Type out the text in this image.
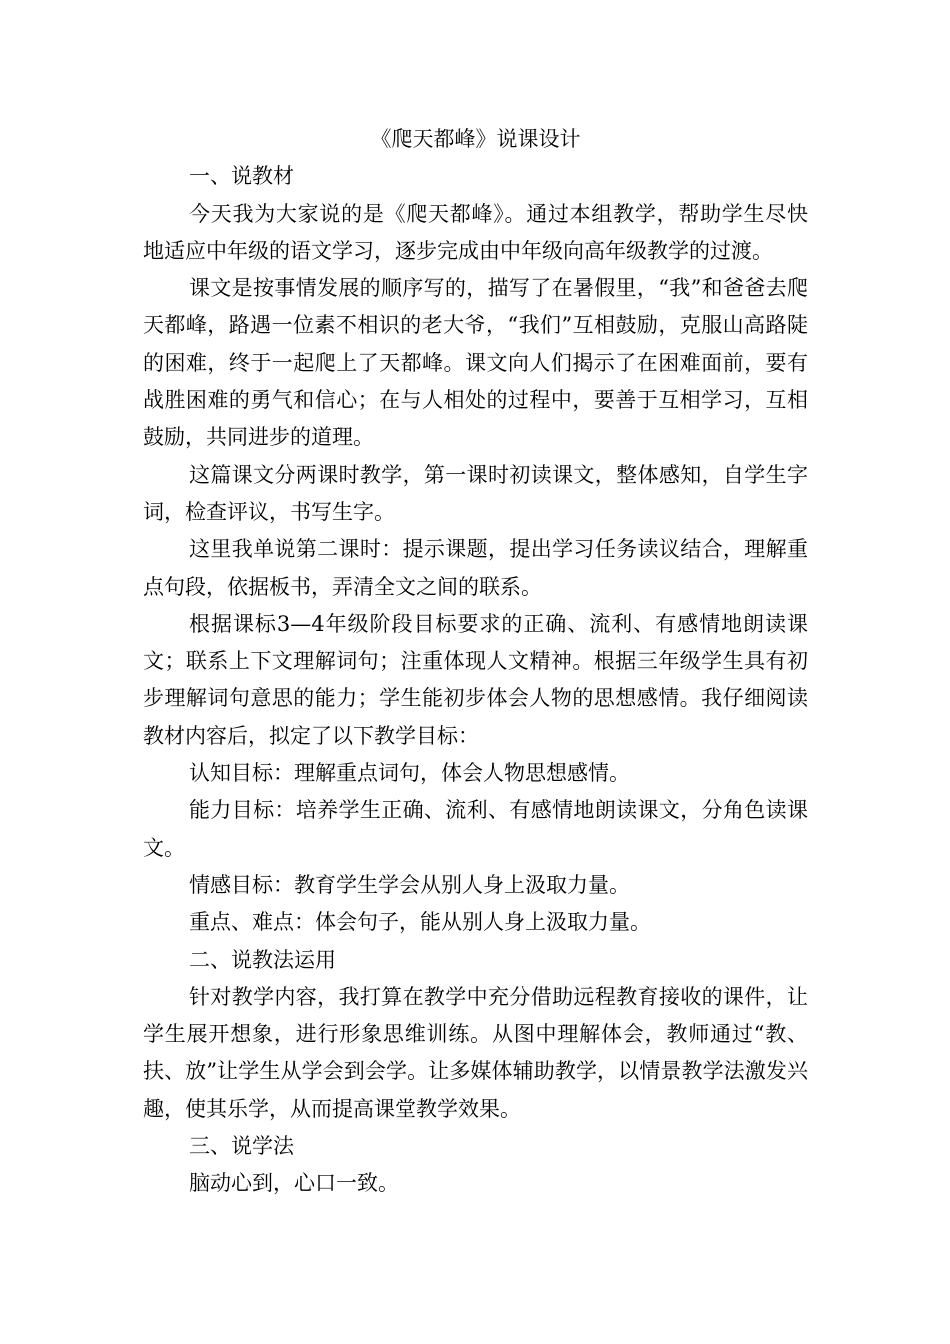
《爬天都峰》说课设计

一、说教材

今天我为大家说的是《爬天都峰》。通过本组教学，帮助学生尽快地适应中年级的语文学习，逐步完成由中年级向高年级教学的过渡。

课文是按事情发展的顺序写的，描写了在暑假里，“我”和爸爸去爬天都峰，路遇一位素不相识的老大爷，“我们”互相鼓励，克服山高路陡的困难，终于一起爬上了天都峰。课文向人们揭示了在困难面前，要有战胜困难的勇气和信心；在与人相处的过程中，要善于互相学习，互相鼓励，共同进步的道理。

这篇课文分两课时教学，第一课时初读课文，整体感知，自学生字词，检查评议，书写生字。

这里我单说第二课时：提示课题，提出学习任务读议结合，理解重点句段，依据板书，弄清全文之间的联系。

根据课标3—4年级阶段目标要求的正确、流利、有感情地朗读课文；联系上下文理解词句；注重体现人文精神。根据三年级学生具有初步理解词句意思的能力；学生能初步体会人物的思想感情。我仔细阅读教材内容后，拟定了以下教学目标：

认知目标：理解重点词句，体会人物思想感情。

能力目标：培养学生正确、流利、有感情地朗读课文，分角色读课文。

情感目标：教育学生学会从别人身上汲取力量。

重点、难点：体会句子，能从别人身上汲取力量。

二、说教法运用

针对教学内容，我打算在教学中充分借助远程教育接收的课件，让学生展开想象，进行形象思维训练。从图中理解体会，教师通过“教、扶、放”让学生从学会到会学。让多媒体辅助教学，以情景教学法激发兴趣，使其乐学，从而提高课堂教学效果。

三、说学法

脑动心到，心口一致。
